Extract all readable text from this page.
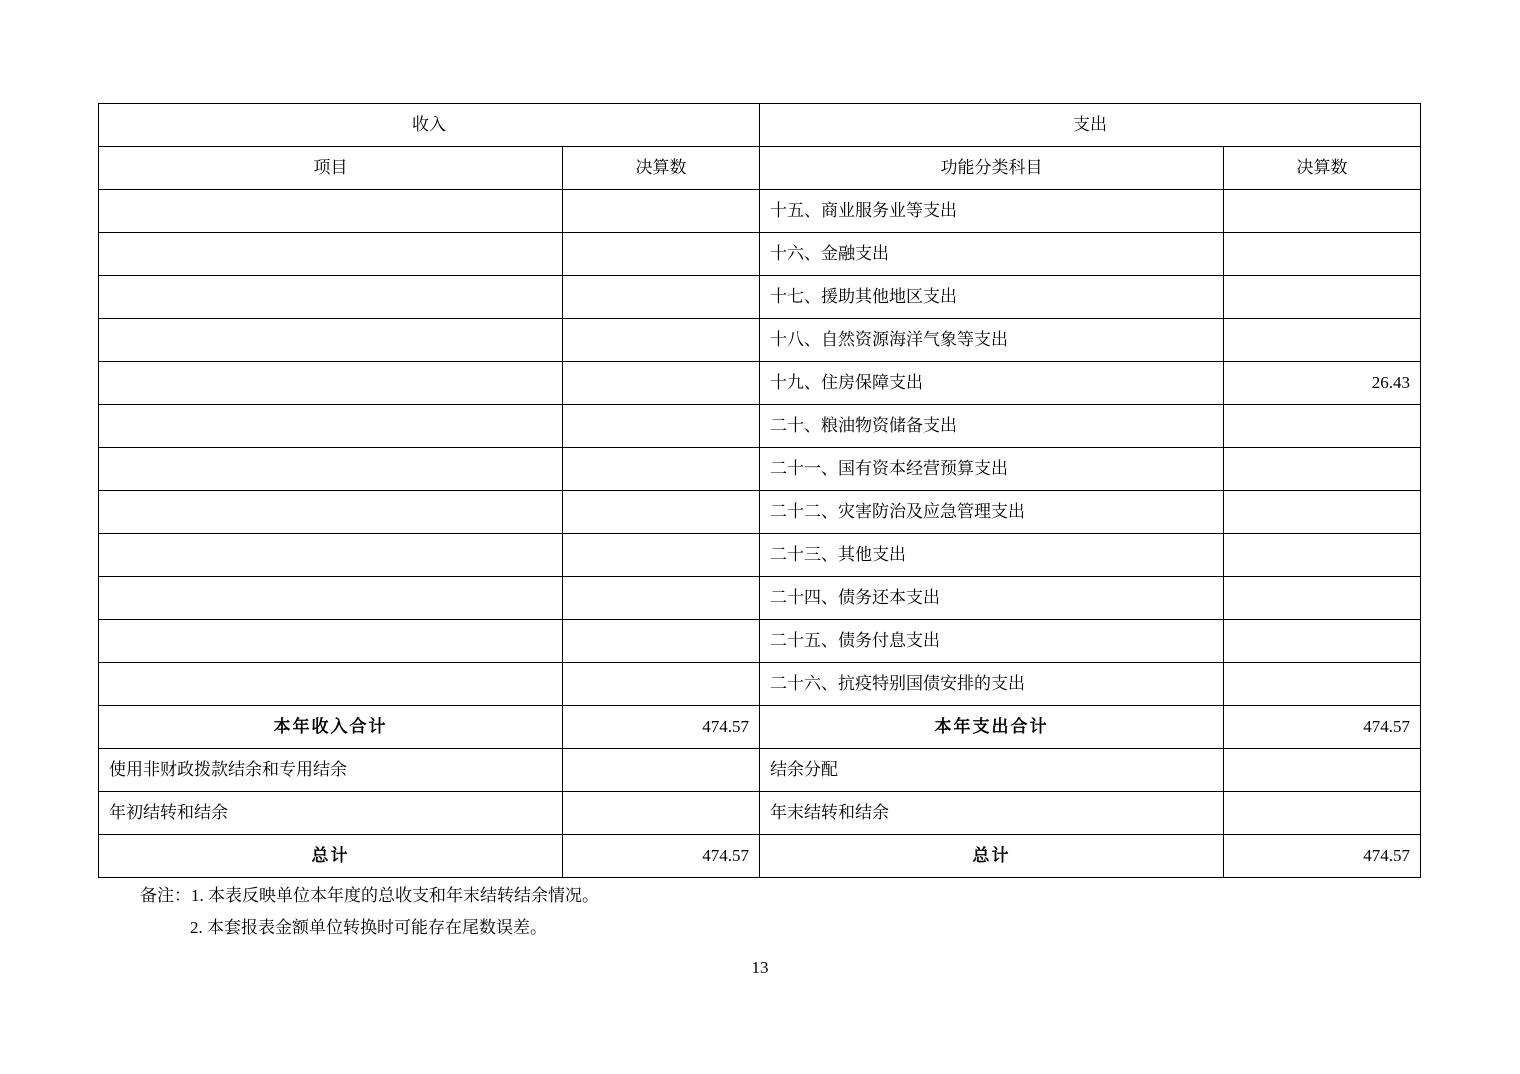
收入		支出	
项目	决算数	功能分类科目	决算数
		十五、商业服务业等支出	
		十六、金融支出	
		十七、援助其他地区支出	
		十八、自然资源海洋气象等支出	
		十九、住房保障支出	26.43
		二十、粮油物资储备支出	
		二十一、国有资本经营预算支出	
		二十二、灾害防治及应急管理支出	
		二十三、其他支出	
		二十四、债务还本支出	
		二十五、债务付息支出	
		二十六、抗疫特别国债安排的支出	
本年收入合计	474.57	本年支出合计	474.57
使用非财政拨款结余和专用结余		结余分配	
年初结转和结余		年末结转和结余	
总计	474.57	总计	474.57
备注：1. 本表反映单位本年度的总收支和年末结转结余情况。
2. 本套报表金额单位转换时可能存在尾数误差。
13
